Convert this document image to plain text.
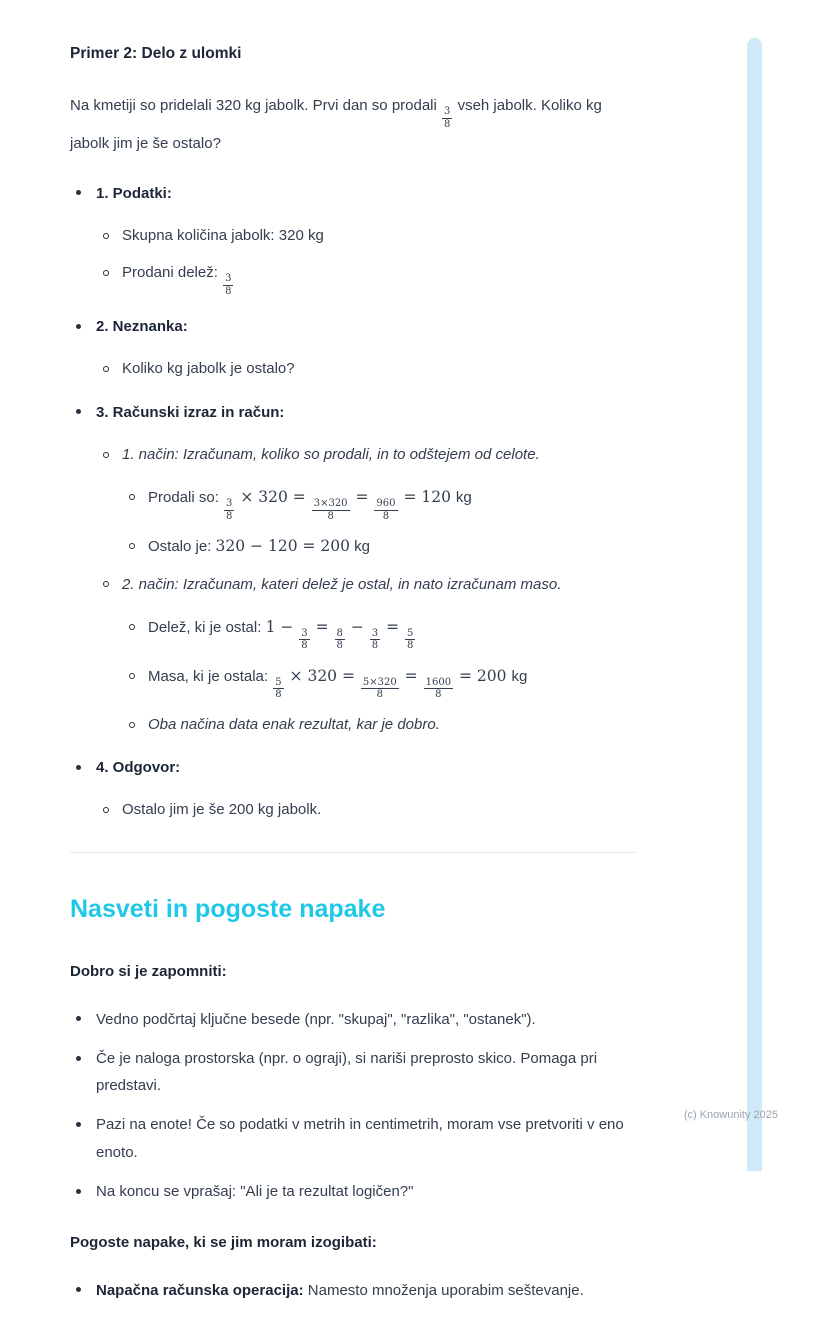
Primer 2: Delo z ulomki

Na kmetiji so pridelali 320 kg jabolk. Prvi dan so prodali
$\frac{3}{8}$
vseh jabolk. Koliko kg jabolk jim je še ostalo?

1. Podatki:
Skupna količina jabolk: 320 kg
Prodani delež:
$\frac{3}{8}$
2. Neznanka:
Koliko kg jabolk je ostalo?
3. Računski izraz in račun:
1. način: Izračunam, koliko so prodali, in to odštejem od celote.
Prodali so:
$\frac{3}{8}$
× 320 =
$\frac{3\times 320}{8}$
=
$\frac{960}{8}$
= 120 kg
Ostalo je: 320 − 120 = 200 kg
2. način: Izračunam, kateri delež je ostal, in nato izračunam maso.
Delež, ki je ostal: 1 −
$\frac{3}{8}$
=
$\frac{8}{8}$
−
$\frac{3}{8}$
=
$\frac{5}{8}$
Masa, ki je ostala:
$\frac{5}{8}$
× 320 =
$\frac{5\times 320}{8}$
=
$\frac{1600}{8}$
= 200 kg
Oba načina data enak rezultat, kar je dobro.
4. Odgovor:
Ostalo jim je še 200 kg jabolk.
Nasveti in pogoste napake

Dobro si je zapomniti:

Vedno podčrtaj ključne besede (npr. "skupaj", "razlika", "ostanek").
Če je naloga prostorska (npr. o ograji), si nariši preprosto skico. Pomaga pri predstavi.
Pazi na enote! Če so podatki v metrih in centimetrih, moram vse pretvoriti v eno enoto.
Na koncu se vprašaj: "Ali je ta rezultat logičen?"

Pogoste napake, ki se jim moram izogibati:

Napačna računska operacija: Namesto množenja uporabim seštevanje.
(c) Knowunity 2025
